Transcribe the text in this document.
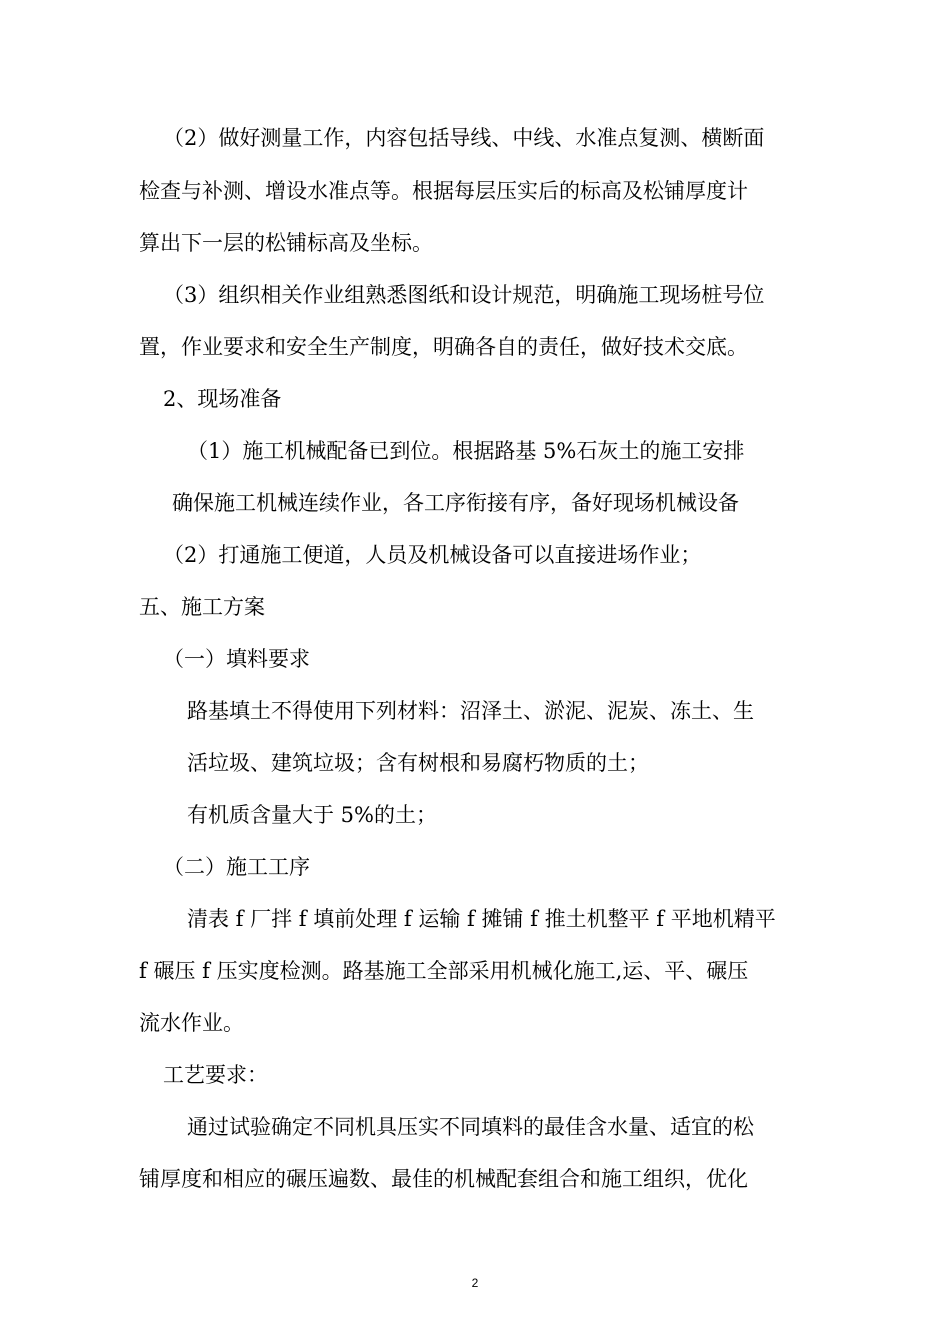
（2）做好测量工作，内容包括导线、中线、水准点复测、横断面

检查与补测、增设水准点等。根据每层压实后的标高及松铺厚度计

算出下一层的松铺标高及坐标。

（3）组织相关作业组熟悉图纸和设计规范，明确施工现场桩号位

置，作业要求和安全生产制度，明确各自的责任，做好技术交底。

2、现场准备

（1）施工机械配备已到位。根据路基 5%石灰土的施工安排

确保施工机械连续作业，各工序衔接有序，备好现场机械设备

（2）打通施工便道，人员及机械设备可以直接进场作业；

五、施工方案

（一）填料要求

路基填土不得使用下列材料：沼泽土、淤泥、泥炭、冻土、生

活垃圾、建筑垃圾；含有树根和易腐朽物质的土；

有机质含量大于 5%的土；

（二）施工工序

清表 f 厂拌 f 填前处理 f 运输 f 摊铺 f 推土机整平 f 平地机精平

f 碾压 f 压实度检测。路基施工全部采用机械化施工,运、平、碾压

流水作业。

工艺要求：

通过试验确定不同机具压实不同填料的最佳含水量、适宜的松

铺厚度和相应的碾压遍数、最佳的机械配套组合和施工组织，优化

2
